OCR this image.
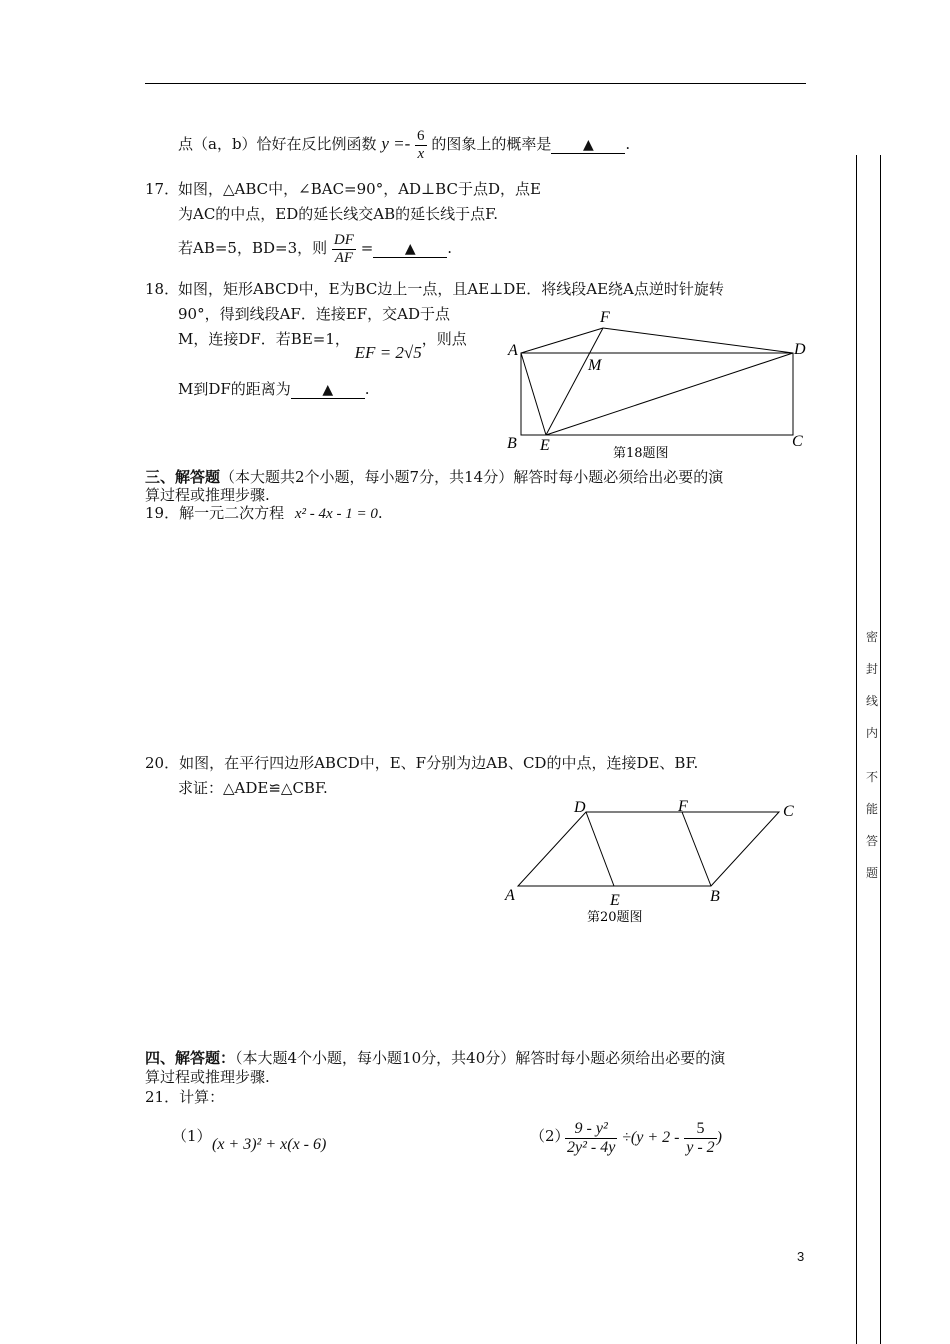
密
封
线
内
不
能
答
题
点（a，b）恰好在反比例函数 $y =- \frac{6}{x}$ 的图象上的概率是 ▲ .
17．
如图，△ABC中，∠BAC=90°，AD⊥BC于点D，点E
为AC的中点，ED的延长线交AB的延长线于点F.
若AB=5，BD=3，则 $\frac{DF}{AF}$ = ▲ .
18．
如图，矩形ABCD中，E为BC边上一点，且AE⊥DE．将线段AE绕A点逆时针旋转
90°，得到线段AF．连接EF，交AD于点
M，连接DF．若BE=1， EF = 2√5，则点
M到DF的距离为 ▲ .
A
B	C
D
E
F
M
第18题图
三、解答题（本大题共2个小题，每小题7分，共14分）解答时每小题必须给出必要的演
算过程或推理步骤.
19．解一元二次方程 x² - 4x - 1 = 0.
20．如图，在平行四边形ABCD中，E、F分别为边AB、CD的中点，连接DE、BF.
求证：△ADE≌△CBF.
A	B
C
D
E
F
第20题图
四、解答题：（本大题4个小题，每小题10分，共40分）解答时每小题必须给出必要的演
算过程或推理步骤.
21．计算：
（1） (x + 3)² + x(x - 6)	（2）
$\frac{\text{9 - y²}}{\text{2y² - 4y}} \div(y + 2 - \frac{5}{y - 2}$ )
3
